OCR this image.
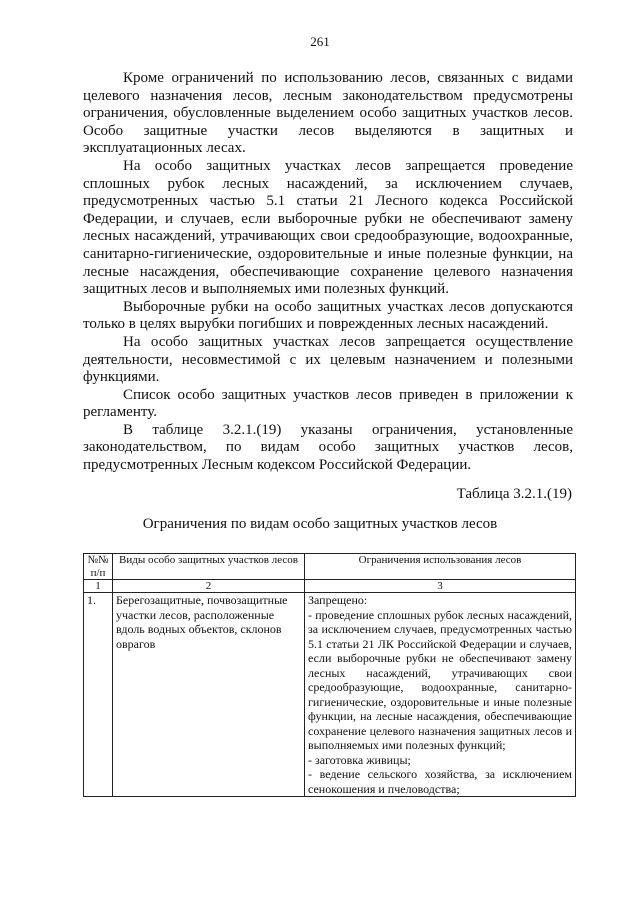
261

Кроме ограничений по использованию лесов, связанных с видами целевого назначения лесов, лесным законодательством предусмотрены ограничения, обусловленные выделением особо защитных участков лесов. Особо защитные участки лесов выделяются в защитных и эксплуатационных лесах.

На особо защитных участках лесов запрещается проведение сплошных рубок лесных насаждений, за исключением случаев, предусмотренных частью 5.1 статьи 21 Лесного кодекса Российской Федерации, и случаев, если выборочные рубки не обеспечивают замену лесных насаждений, утрачивающих свои средообразующие, водоохранные, санитарно-гигиенические, оздоровительные и иные полезные функции, на лесные насаждения, обеспечивающие сохранение целевого назначения защитных лесов и выполняемых ими полезных функций.

Выборочные рубки на особо защитных участках лесов допускаются только в целях вырубки погибших и поврежденных лесных насаждений.

На особо защитных участках лесов запрещается осуществление деятельности, несовместимой с их целевым назначением и полезными функциями.

Список особо защитных участков лесов приведен в приложении к регламенту.

В таблице 3.2.1.(19) указаны ограничения, установленные законодательством, по видам особо защитных участков лесов, предусмотренных Лесным кодексом Российской Федерации.

Таблица 3.2.1.(19)
Ограничения по видам особо защитных участков лесов
№№ п/п	Виды особо защитных участков лесов	Ограничения использования лесов
1	2	3
1.	Берегозащитные, почвозащитные участки лесов, расположенные вдоль водных объектов, склонов оврагов	Запрещено:

- проведение сплошных рубок лесных насаждений, за исключением случаев, предусмотренных частью 5.1 статьи 21 ЛК Российской Федерации и случаев, если выборочные рубки не обеспечивают замену лесных насаждений, утрачивающих свои средообразующие, водоохранные, санитарно-гигиенические, оздоровительные и иные полезные функции, на лесные насаждения, обеспечивающие сохранение целевого назначения защитных лесов и выполняемых ими полезных функций;

- заготовка живицы;

- ведение сельского хозяйства, за исключением сенокошения и пчеловодства;
